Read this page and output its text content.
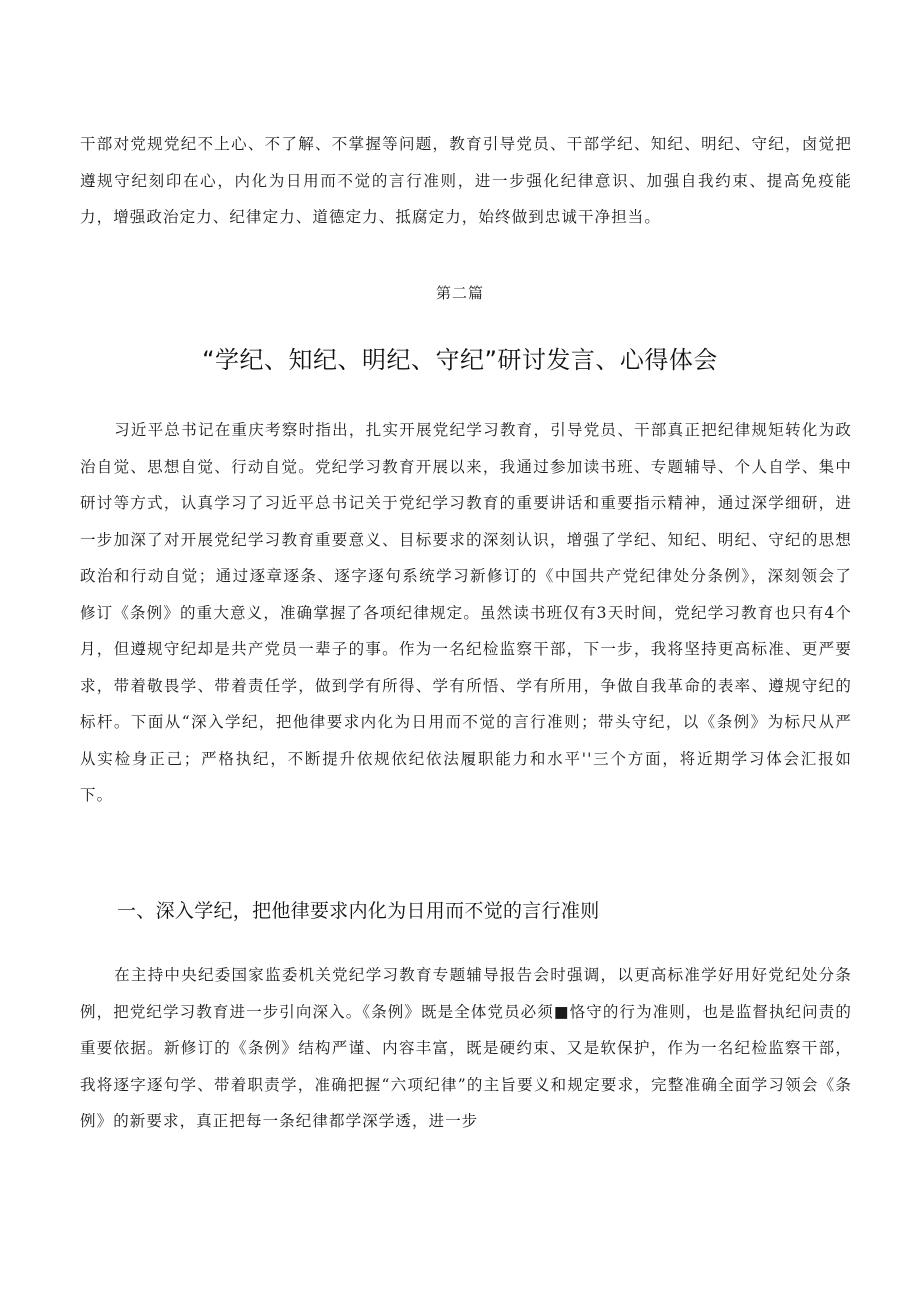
干部对党规党纪不上心、不了解、不掌握等问题，教育引导党员、干部学纪、知纪、明纪、守纪，卤觉把遵规守纪刻印在心，内化为日用而不觉的言行准则，进一步强化纪律意识、加强自我约束、提高免疫能力，增强政治定力、纪律定力、道德定力、抵腐定力，始终做到忠诚干净担当。

第二篇

“学纪、知纪、明纪、守纪”研讨发言、心得体会

习近平总书记在重庆考察时指出，扎实开展党纪学习教育，引导党员、干部真正把纪律规矩转化为政治自觉、思想自觉、行动自觉。党纪学习教育开展以来，我通过参加读书班、专题辅导、个人自学、集中研讨等方式，认真学习了习近平总书记关于党纪学习教育的重要讲话和重要指示精神，通过深学细研，进一步加深了对开展党纪学习教育重要意义、目标要求的深刻认识，增强了学纪、知纪、明纪、守纪的思想政治和行动自觉；通过逐章逐条、逐字逐句系统学习新修订的《中国共产党纪律处分条例》，深刻领会了修订《条例》的重大意义，准确掌握了各项纪律规定。虽然读书班仅有3天时间，党纪学习教育也只有4个月，但遵规守纪却是共产党员一辈子的事。作为一名纪检监察干部，下一步，我将坚持更高标准、更严要求，带着敬畏学、带着责任学，做到学有所得、学有所悟、学有所用，争做自我革命的表率、遵规守纪的标杆。下面从“深入学纪，把他律要求内化为日用而不觉的言行准则；带头守纪，以《条例》为标尺从严从实检身正己；严格执纪，不断提升依规依纪依法履职能力和水平''三个方面，将近期学习体会汇报如下。

一、深入学纪，把他律要求内化为日用而不觉的言行准则

在主持中央纪委国家监委机关党纪学习教育专题辅导报告会时强调，以更高标准学好用好党纪处分条例，把党纪学习教育进一步引向深入。《条例》既是全体党员必须■恪守的行为准则，也是监督执纪问责的重要依据。新修订的《条例》结构严谨、内容丰富，既是硬约束、又是软保护，作为一名纪检监察干部，我将逐字逐句学、带着职责学，准确把握“六项纪律”的主旨要义和规定要求，完整准确全面学习领会《条例》的新要求，真正把每一条纪律都学深学透，进一步
